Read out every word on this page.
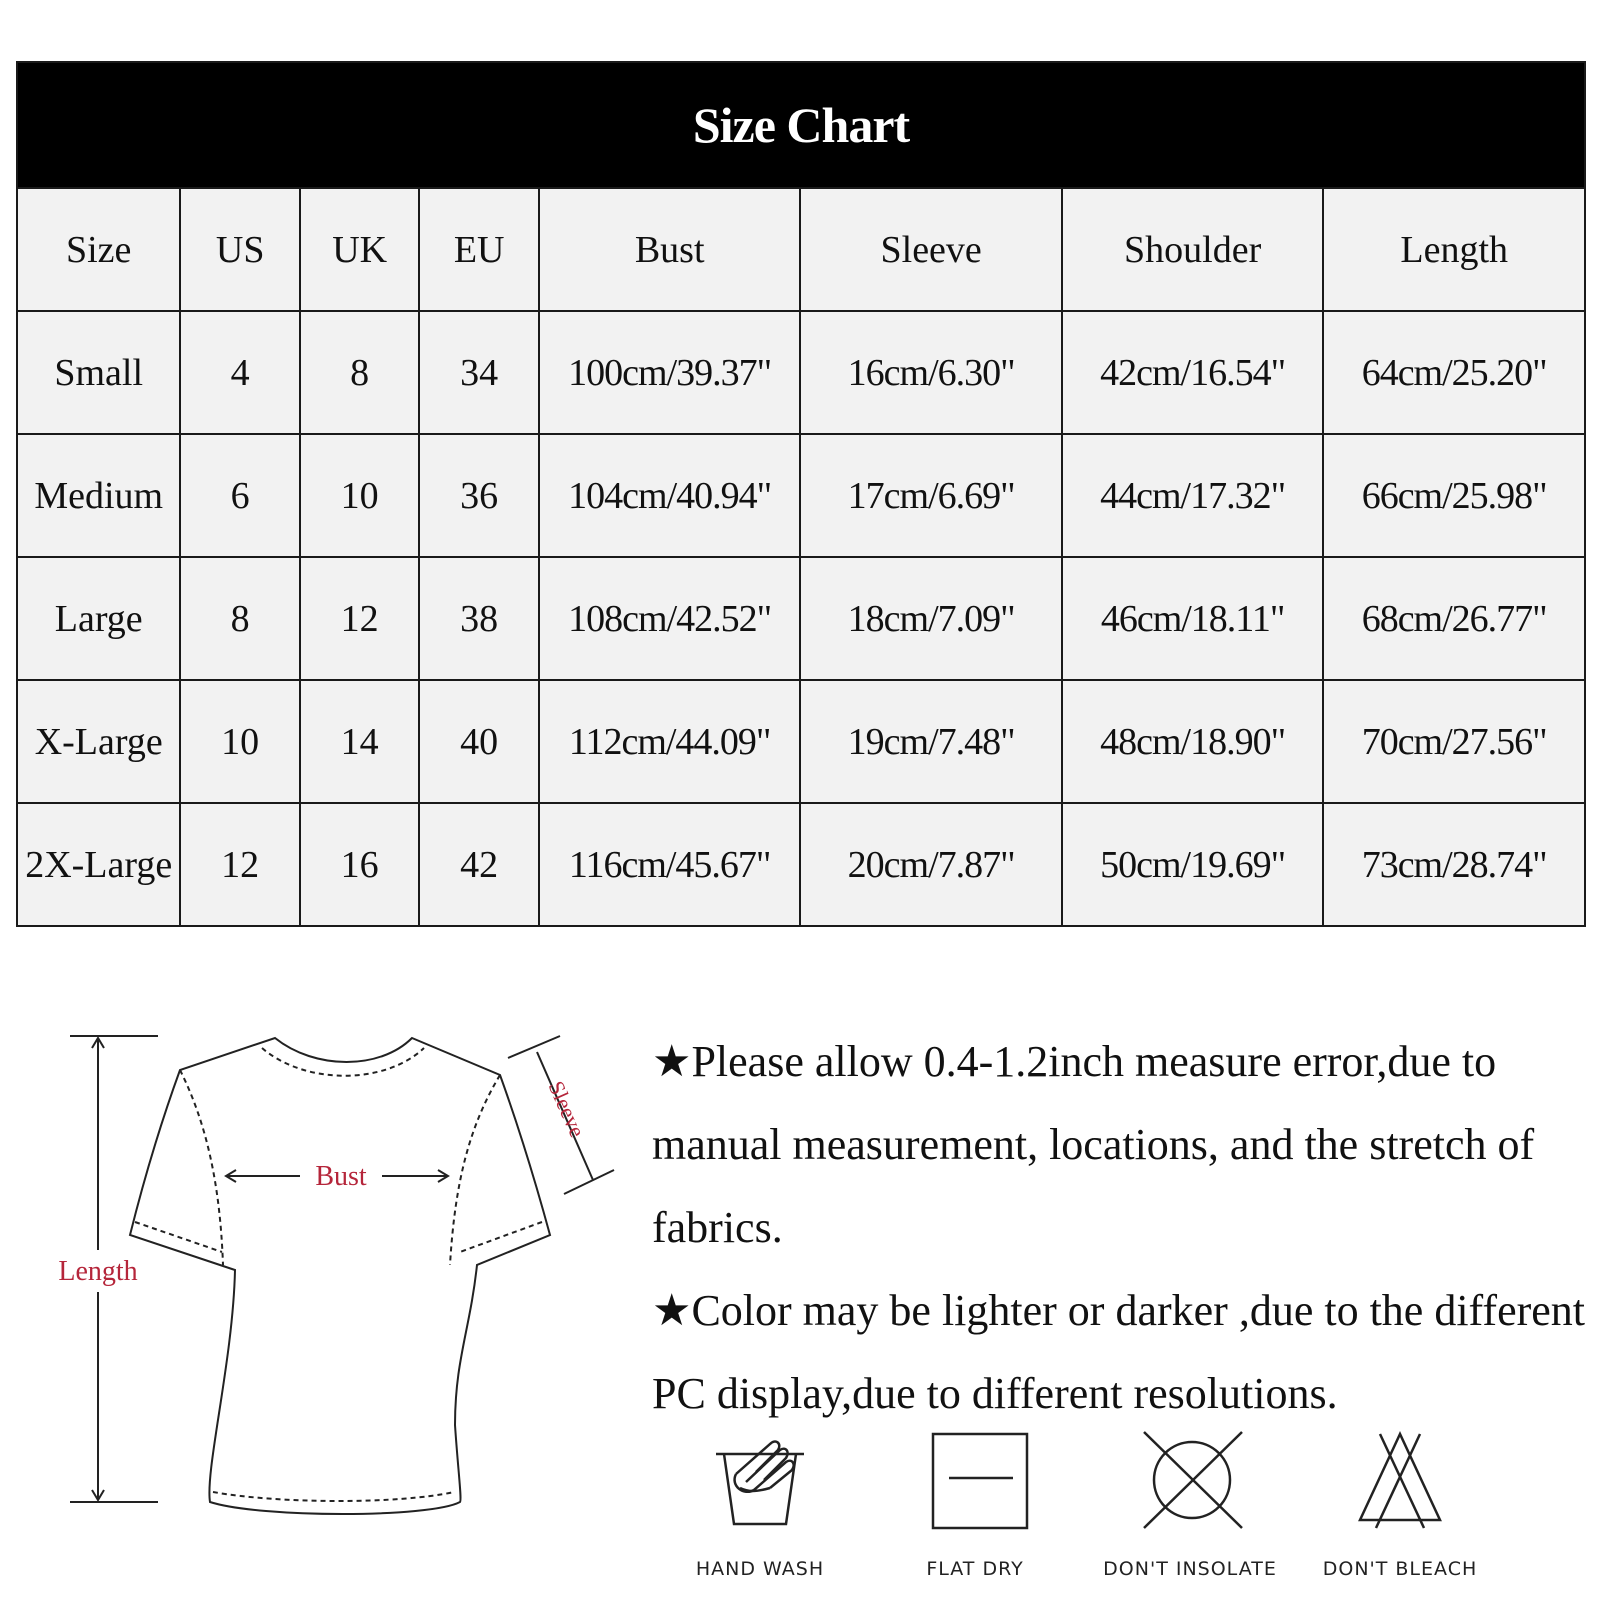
Size Chart							
Size	US	UK	EU	Bust	Sleeve	Shoulder	Length
Small	4	8	34	100cm/39.37"	16cm/6.30"	42cm/16.54"	64cm/25.20"
Medium	6	10	36	104cm/40.94"	17cm/6.69"	44cm/17.32"	66cm/25.98"
Large	8	12	38	108cm/42.52"	18cm/7.09"	46cm/18.11"	68cm/26.77"
X-Large	10	14	40	112cm/44.09"	19cm/7.48"	48cm/18.90"	70cm/27.56"
2X-Large	12	16	42	116cm/45.67"	20cm/7.87"	50cm/19.69"	73cm/28.74"
Length
Bust
Sleeve

★Please allow 0.4-1.2inch measure error,due to manual measurement, locations, and the stretch of fabrics.

★Color may be lighter or darker ,due to the different PC display,due to different resolutions.

HAND WASH	FLAT DRY	DON'T INSOLATE	DON'T BLEACH
